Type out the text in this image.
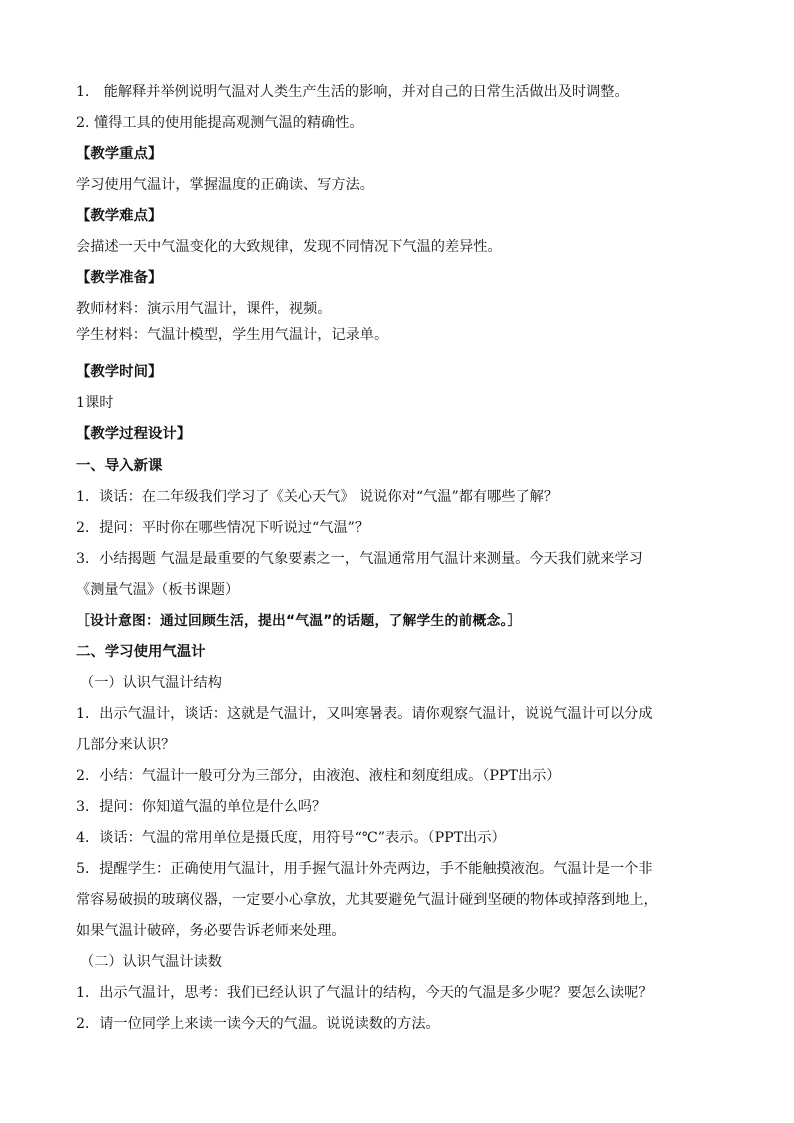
1． 能解释并举例说明气温对人类生产生活的影响，并对自己的日常生活做出及时调整。
2. 懂得工具的使用能提高观测气温的精确性。
【教学重点】
学习使用气温计，掌握温度的正确读、写方法。
【教学难点】
会描述一天中气温变化的大致规律，发现不同情况下气温的差异性。
【教学准备】
教师材料：演示用气温计，课件，视频。
学生材料：气温计模型，学生用气温计，记录单。
【教学时间】
1课时
【教学过程设计】
一、导入新课
1．谈话：在二年级我们学习了《关心天气》 说说你对“气温”都有哪些了解？
2．提问：平时你在哪些情况下听说过“气温”？
3．小结揭题 气温是最重要的气象要素之一，气温通常用气温计来测量。今天我们就来学习
《测量气温》（板书课题）
［设计意图：通过回顾生活，提出“气温”的话题，了解学生的前概念。］
二、学习使用气温计
（一）认识气温计结构
1．出示气温计，谈话：这就是气温计，又叫寒暑表。请你观察气温计，说说气温计可以分成
几部分来认识？
2．小结：气温计一般可分为三部分，由液泡、液柱和刻度组成。（PPT出示）
3．提问：你知道气温的单位是什么吗？
4．谈话：气温的常用单位是摄氏度，用符号“℃”表示。（PPT出示）
5．提醒学生：正确使用气温计，用手握气温计外壳两边，手不能触摸液泡。气温计是一个非
常容易破损的玻璃仪器，一定要小心拿放，尤其要避免气温计碰到坚硬的物体或掉落到地上，
如果气温计破碎，务必要告诉老师来处理。
（二）认识气温计读数
1．出示气温计，思考：我们已经认识了气温计的结构，今天的气温是多少呢？要怎么读呢？
2．请一位同学上来读一读今天的气温。说说读数的方法。
